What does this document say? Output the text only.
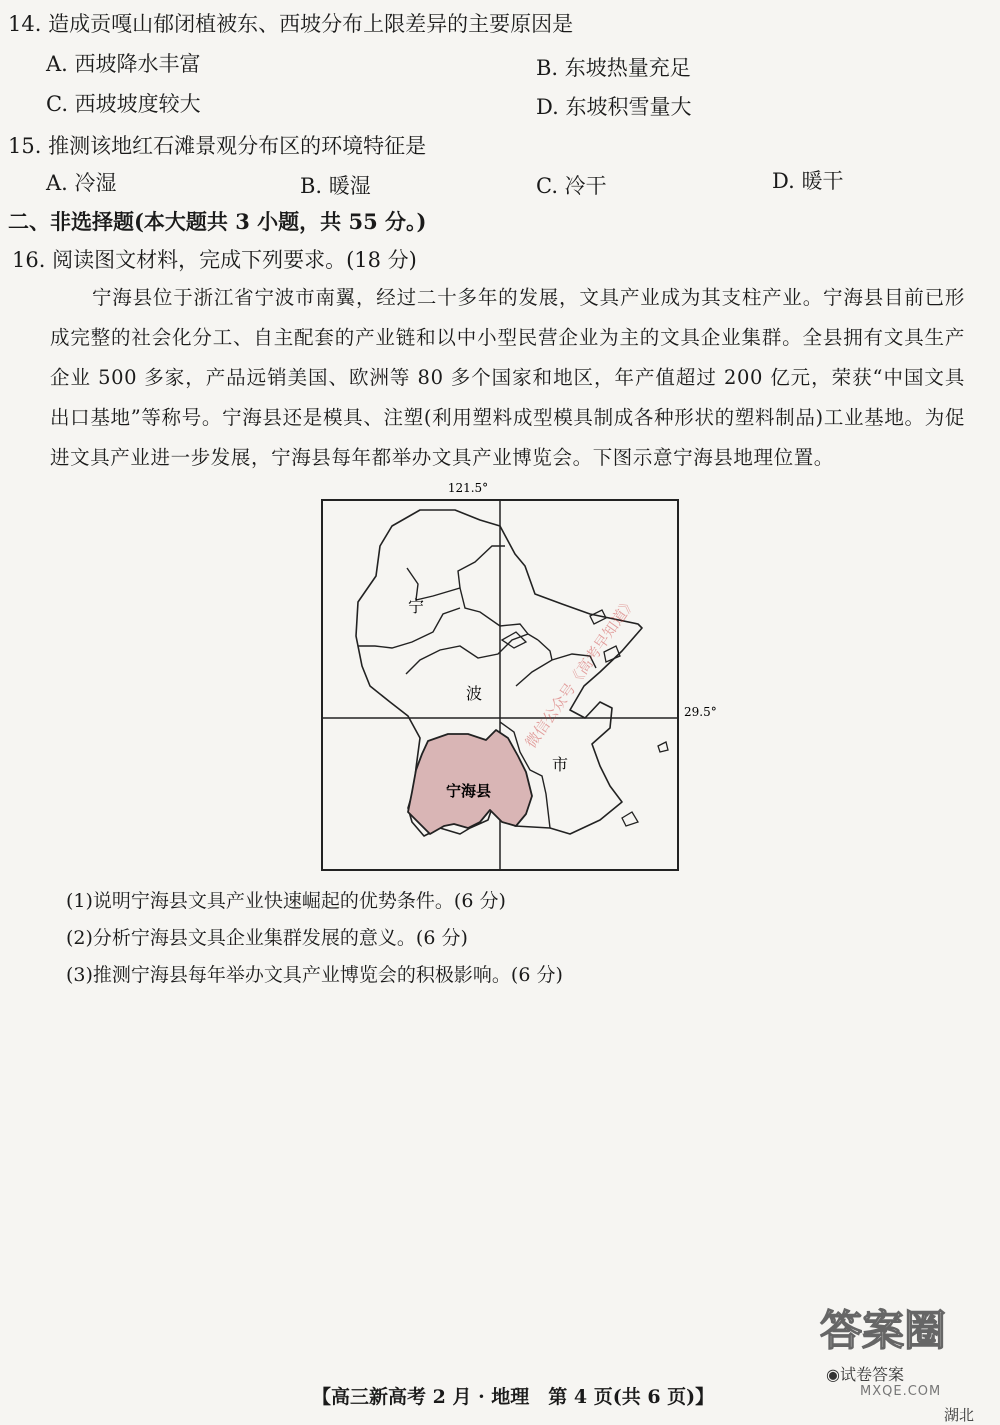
14. 造成贡嘎山郁闭植被东、西坡分布上限差异的主要原因是
A. 西坡降水丰富	B. 东坡热量充足
C. 西坡坡度较大	D. 东坡积雪量大
15. 推测该地红石滩景观分布区的环境特征是
A. 冷湿	B. 暖湿	C. 冷干	D. 暖干
二、非选择题(本大题共 3 小题，共 55 分。)
16. 阅读图文材料，完成下列要求。(18 分)
宁海县位于浙江省宁波市南翼，经过二十多年的发展，文具产业成为其支柱产业。宁海县目前已形成完整的社会化分工、自主配套的产业链和以中小型民营企业为主的文具企业集群。全县拥有文具生产企业 500 多家，产品远销美国、欧洲等 80 多个国家和地区，年产值超过 200 亿元，荣获“中国文具出口基地”等称号。宁海县还是模具、注塑(利用塑料成型模具制成各种形状的塑料制品)工业基地。为促进文具产业进一步发展，宁海县每年都举办文具产业博览会。下图示意宁海县地理位置。
121.5°
29.5°
宁
波
市
宁海县
微信公众号《高考早知道》
(1)说明宁海县文具产业快速崛起的优势条件。(6 分)
(2)分析宁海县文具企业集群发展的意义。(6 分)
(3)推测宁海县每年举办文具产业博览会的积极影响。(6 分)
【高三新高考 2 月 · 地理　第 4 页(共 6 页)】
答案圈
◉试卷答案
MXQE.COM
湖北
